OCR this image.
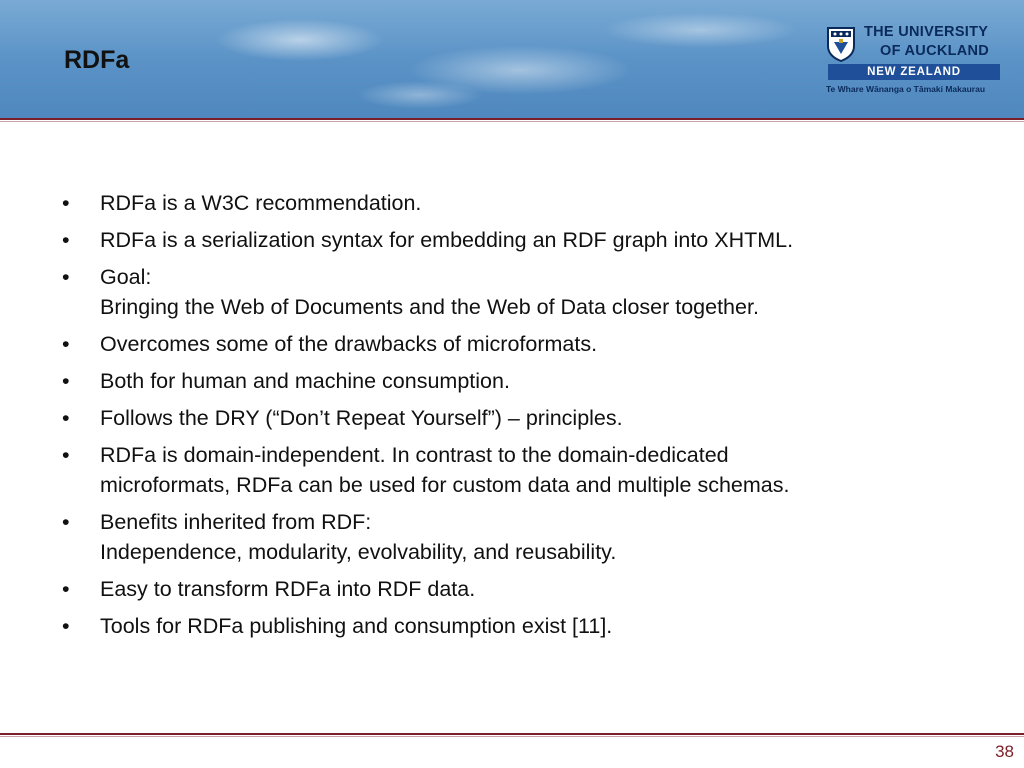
RDFa
THE UNIVERSITY
OF AUCKLAND
NEW ZEALAND
Te Whare Wānanga o Tāmaki Makaurau
•	RDFa is a W3C recommendation.
•	RDFa is a serialization syntax for embedding an RDF graph into XHTML.
•	Goal:
Bringing the Web of Documents and the Web of Data closer together.
•	Overcomes some of the drawbacks of microformats.
•	Both for human and machine consumption.
•	Follows the DRY (“Don’t Repeat Yourself”) – principles.
•	RDFa is domain-independent. In contrast to the domain-dedicated
microformats, RDFa can be used for custom data and multiple schemas.
•	Benefits inherited from RDF:
Independence, modularity, evolvability, and reusability.
•	Easy to transform RDFa into RDF data.
•	Tools for RDFa publishing and consumption exist [11].
38
